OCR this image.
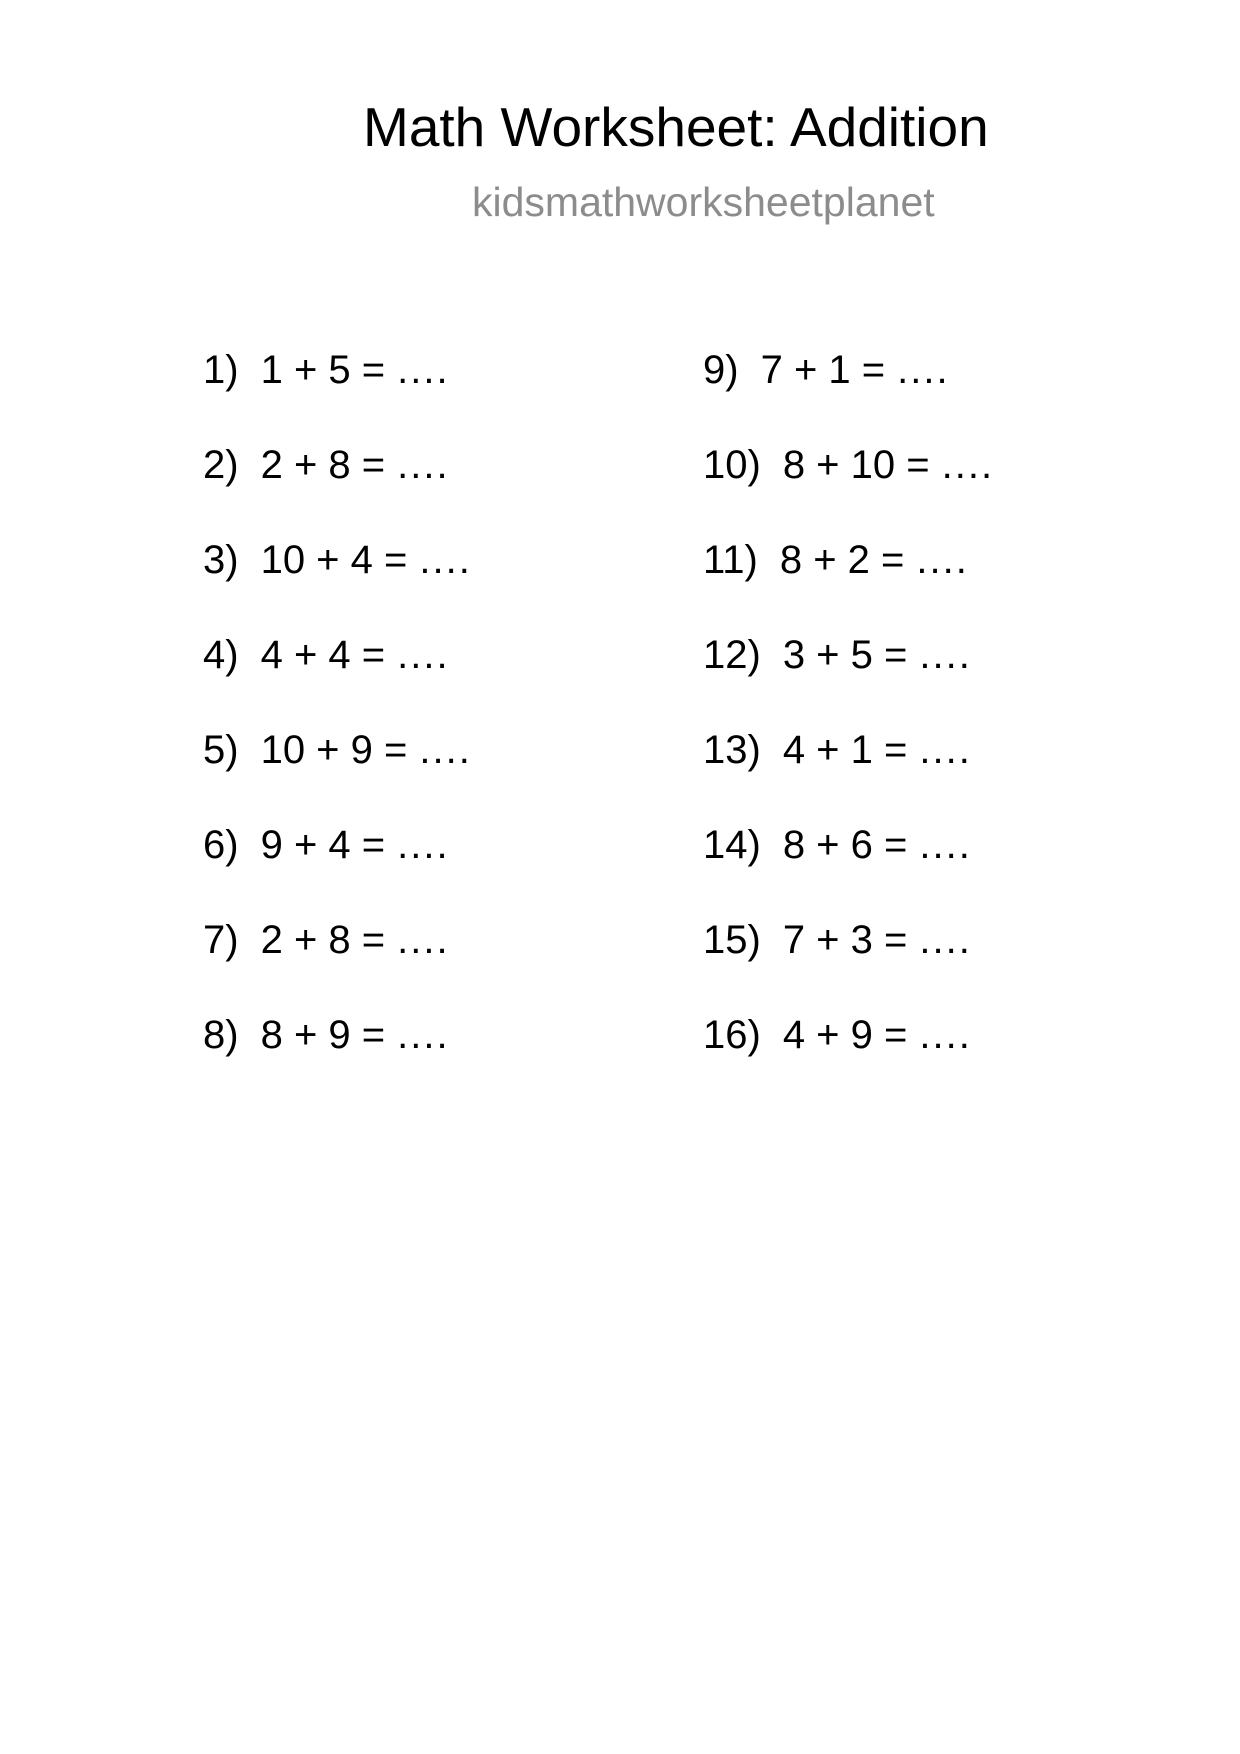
Math Worksheet: Addition
kidsmathworksheetplanet
1) 1 + 5 = ....
2) 2 + 8 = ....
3) 10 + 4 = ....
4) 4 + 4 = ....
5) 10 + 9 = ....
6) 9 + 4 = ....
7) 2 + 8 = ....
8) 8 + 9 = ....
9) 7 + 1 = ....
10) 8 + 10 = ....
11) 8 + 2 = ....
12) 3 + 5 = ....
13) 4 + 1 = ....
14) 8 + 6 = ....
15) 7 + 3 = ....
16) 4 + 9 = ....
